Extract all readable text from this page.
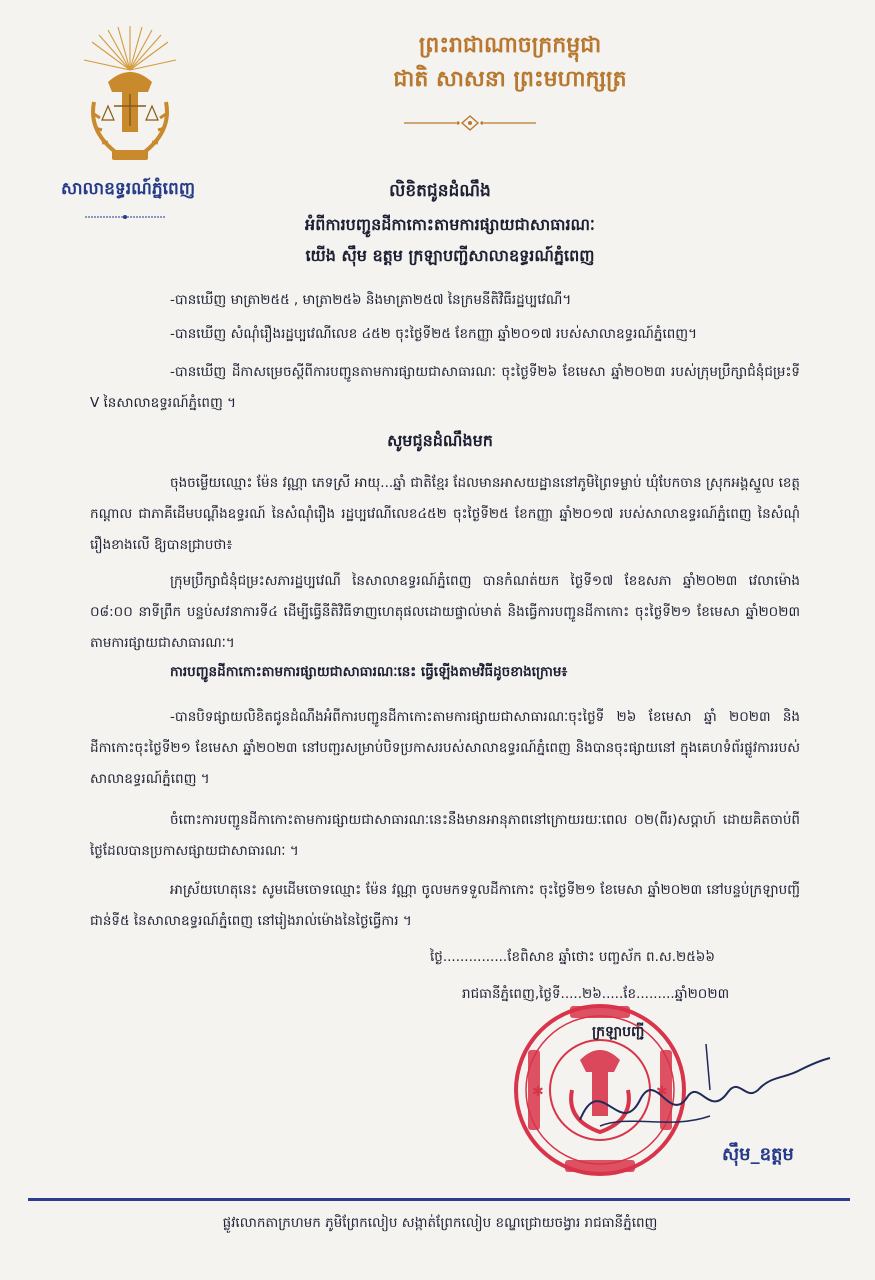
ព្រះរាជាណាចក្រកម្ពុជា
ជាតិ សាសនា ព្រះមហាក្សត្រ
សាលាឧទ្ធរណ៍ភ្នំពេញ	លិខិតជូនដំណឹង
អំពីការបញ្ជូនដីកាកោះតាមការផ្សាយជាសាធារណៈ
យើង ស៊ឹម ឧត្តម ក្រឡាបញ្ជីសាលាឧទ្ធរណ៍ភ្នំពេញ
-បានឃើញ មាត្រា២៥៥ , មាត្រា២៥៦ និងមាត្រា២៥៧ នៃក្រមនីតិវិធីរដ្ឋប្បវេណី។
-បានឃើញ សំណុំរឿងរដ្ឋប្បវេណីលេខ ៤៥២ ចុះថ្ងៃទី២៥ ខែកញ្ញា ឆ្នាំ២០១៧ របស់សាលាឧទ្ធរណ៍ភ្នំពេញ។
-បានឃើញ ដីកាសម្រេចស្តីពីការបញ្ជូនតាមការផ្សាយជាសាធារណៈ ចុះថ្ងៃទី២៦ ខែមេសា ឆ្នាំ២០២៣ របស់ក្រុមប្រឹក្សាជំនុំជម្រះទី V នៃសាលាឧទ្ធរណ៍ភ្នំពេញ ។
សូមជូនដំណឹងមក
ចុងចម្លើយឈ្មោះ ម៉ែន វណ្ណា ភេទស្រី អាយុ...ឆ្នាំ ជាតិខ្មែរ ដែលមានអាសយដ្ឋាននៅភូមិព្រៃទម្លាប់ ឃុំបែកចាន ស្រុកអង្គស្នួល ខេត្តកណ្តាល ជាភាគីដើមបណ្តឹងឧទ្ធរណ៍ នៃសំណុំរឿង រដ្ឋប្បវេណីលេខ៤៥២ ចុះថ្ងៃទី២៥ ខែកញ្ញា ឆ្នាំ២០១៧ របស់សាលាឧទ្ធរណ៍ភ្នំពេញ នៃសំណុំរឿងខាងលើ ឱ្យបានជ្រាបថា៖
ក្រុមប្រឹក្សាជំនុំជម្រះសភារដ្ឋប្បវេណី នៃសាលាឧទ្ធរណ៍ភ្នំពេញ បានកំណត់យក ថ្ងៃទី១៧ ខែឧសភា ឆ្នាំ២០២៣ វេលាម៉ោង ០៨:០០ នាទីព្រឹក បន្ទប់សវនាការទី៤ ដើម្បីធ្វើនីតិវិធីទាញហេតុផលដោយផ្ទាល់មាត់ និងធ្វើការបញ្ជូនដីកាកោះ ចុះថ្ងៃទី២១ ខែមេសា ឆ្នាំ២០២៣ តាមការផ្សាយជាសាធារណៈ។
ការបញ្ជូនដីកាកោះតាមការផ្សាយជាសាធារណៈនេះ ធ្វើឡើងតាមវិធីដូចខាងក្រោម៖
-បានបិទផ្សាយលិខិតជូនដំណឹងអំពីការបញ្ជូនដីកាកោះតាមការផ្សាយជាសាធារណៈចុះថ្ងៃទី ២៦ ខែមេសា ឆ្នាំ ២០២៣ និងដីកាកោះចុះថ្ងៃទី២១ ខែមេសា ឆ្នាំ២០២៣ នៅបញ្ជរសម្រាប់បិទប្រកាសរបស់សាលាឧទ្ធរណ៍ភ្នំពេញ និងបានចុះផ្សាយនៅ ក្នុងគេហទំព័រផ្លូវការរបស់សាលាឧទ្ធរណ៍ភ្នំពេញ ។
ចំពោះការបញ្ជូនដីកាកោះតាមការផ្សាយជាសាធារណៈនេះនឹងមានអានុភាពនៅក្រោយរយៈពេល ០២(ពីរ)សប្តាហ៍ ដោយគិតចាប់ពីថ្ងៃដែលបានប្រកាសផ្សាយជាសាធារណៈ ។
អាស្រ័យហេតុនេះ សូមដើមចោទឈ្មោះ ម៉ែន វណ្ណា ចូលមកទទួលដីកាកោះ ចុះថ្ងៃទី២១ ខែមេសា ឆ្នាំ២០២៣ នៅបន្ទប់ក្រឡាបញ្ជីជាន់ទី៥ នៃសាលាឧទ្ធរណ៍ភ្នំពេញ នៅរៀងរាល់ម៉ោងនៃថ្ងៃធ្វើការ ។
ថ្ងៃ...............ខែពិសាខ ឆ្នាំថោះ បញ្ចស័ក ព.ស.២៥៦៦
រាជធានីភ្នំពេញ,ថ្ងៃទី.....២៦.....ខែ.........ឆ្នាំ២០២៣
✱	✱
ក្រឡាបញ្ជី
ស៊ឹម_ឧត្តម
ផ្លូវលោកតាក្រហមក ភូមិព្រែកលៀប សង្កាត់ព្រែកលៀប ខណ្ឌជ្រោយចង្វារ រាជធានីភ្នំពេញ
